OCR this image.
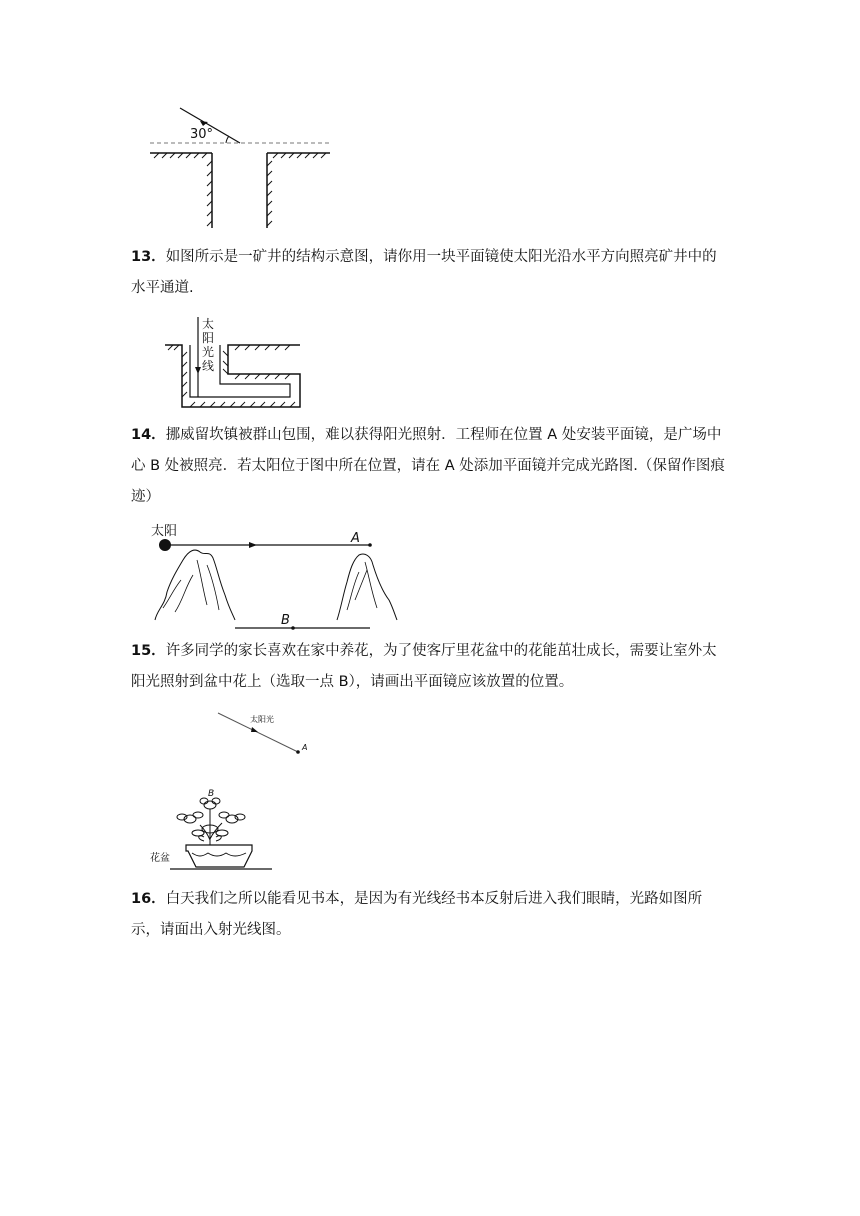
30°

13．如图所示是一矿井的结构示意图，请你用一块平面镜使太阳光沿水平方向照亮矿井中的水平通道.

太
阳
光
线

14．挪威留坎镇被群山包围，难以获得阳光照射．工程师在位置 A 处安装平面镜，是广场中心 B 处被照亮．若太阳位于图中所在位置，请在 A 处添加平面镜并完成光路图.（保留作图痕迹）

太阳	A
B

15．许多同学的家长喜欢在家中养花，为了使客厅里花盆中的花能茁壮成长，需要让室外太阳光照射到盆中花上（选取一点 B），请画出平面镜应该放置的位置。

太阳光
A
B
花盆

16．白天我们之所以能看见书本，是因为有光线经书本反射后进入我们眼睛，光路如图所示，请面出入射光线图。
